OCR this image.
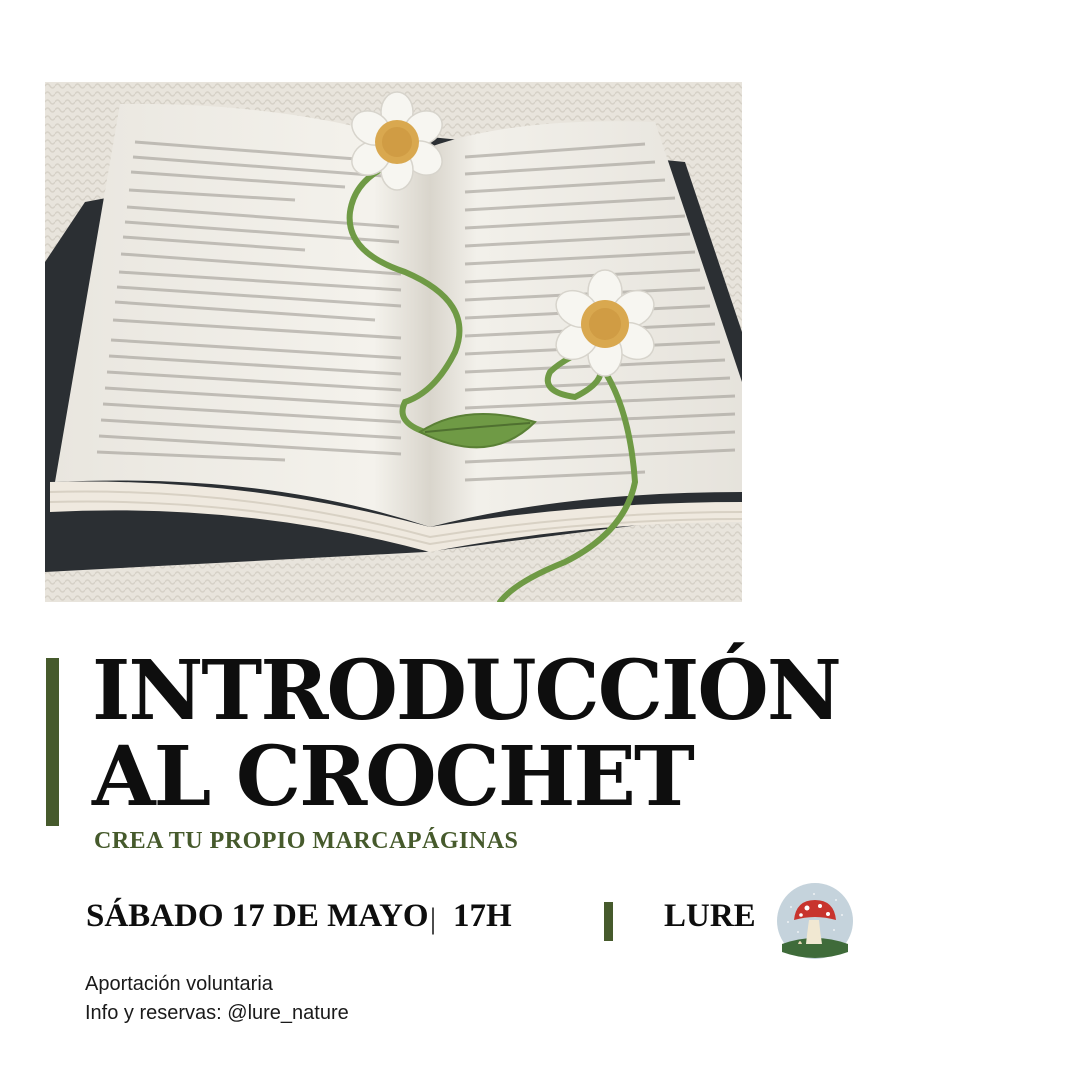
INTRODUCCIÓN
AL CROCHET
CREA TU PROPIO MARCAPÁGINAS
SÁBADO 17 DE MAYO | 17H	LURE
Aportación voluntaria
Info y reservas: @lure_nature
